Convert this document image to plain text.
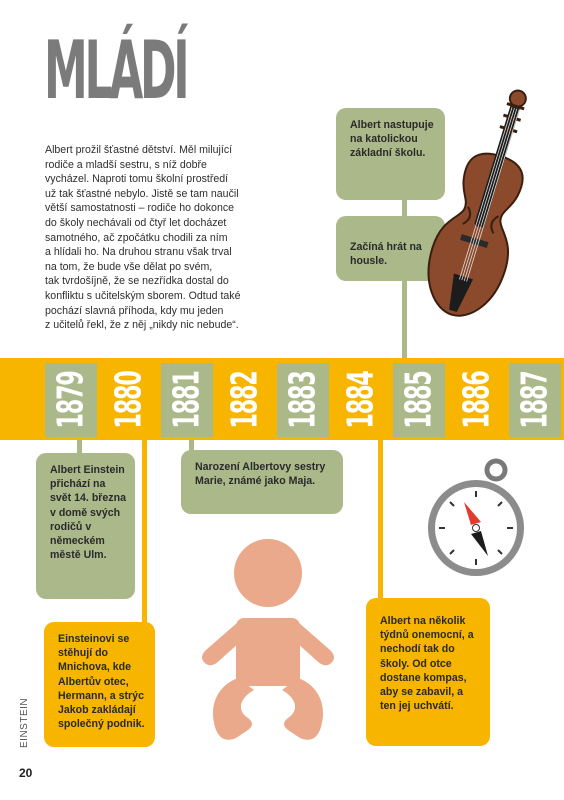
MLÁDÍ

Albert prožil šťastné dětství. Měl milující

rodiče a mladší sestru, s níž dobře

vycházel. Naproti tomu školní prostředí

už tak šťastné nebylo. Jistě se tam naučil

větší samostatnosti – rodiče ho dokonce

do školy nechávali od čtyř let docházet

samotného, ač zpočátku chodili za ním

a hlídali ho. Na druhou stranu však trval

na tom, že bude vše dělat po svém,

tak tvrdošíjně, že se nezřídka dostal do

konfliktu s učitelským sborem. Odtud také

pochází slavná příhoda, kdy mu jeden

z učitelů řekl, že z něj „nikdy nic nebude“.

1879 1880 1881 1882 1883 1884 1885 1886 1887
Albert nastupuje na katolickou základní školu.
Začíná hrát na housle.
Albert Einstein přichází na svět 14. března v domě svých rodičů v německém městě Ulm.
Narození Albertovy sestry Marie, známé jako Maja.
Einsteinovi se stěhují do Mnichova, kde Albertův otec, Hermann, a strýc Jakob zakládají společný podnik.
Albert na několik týdnů onemocní, a nechodí tak do školy. Od otce dostane kompas, aby se zabavil, a ten jej uchvátí.
EINSTEIN
20
